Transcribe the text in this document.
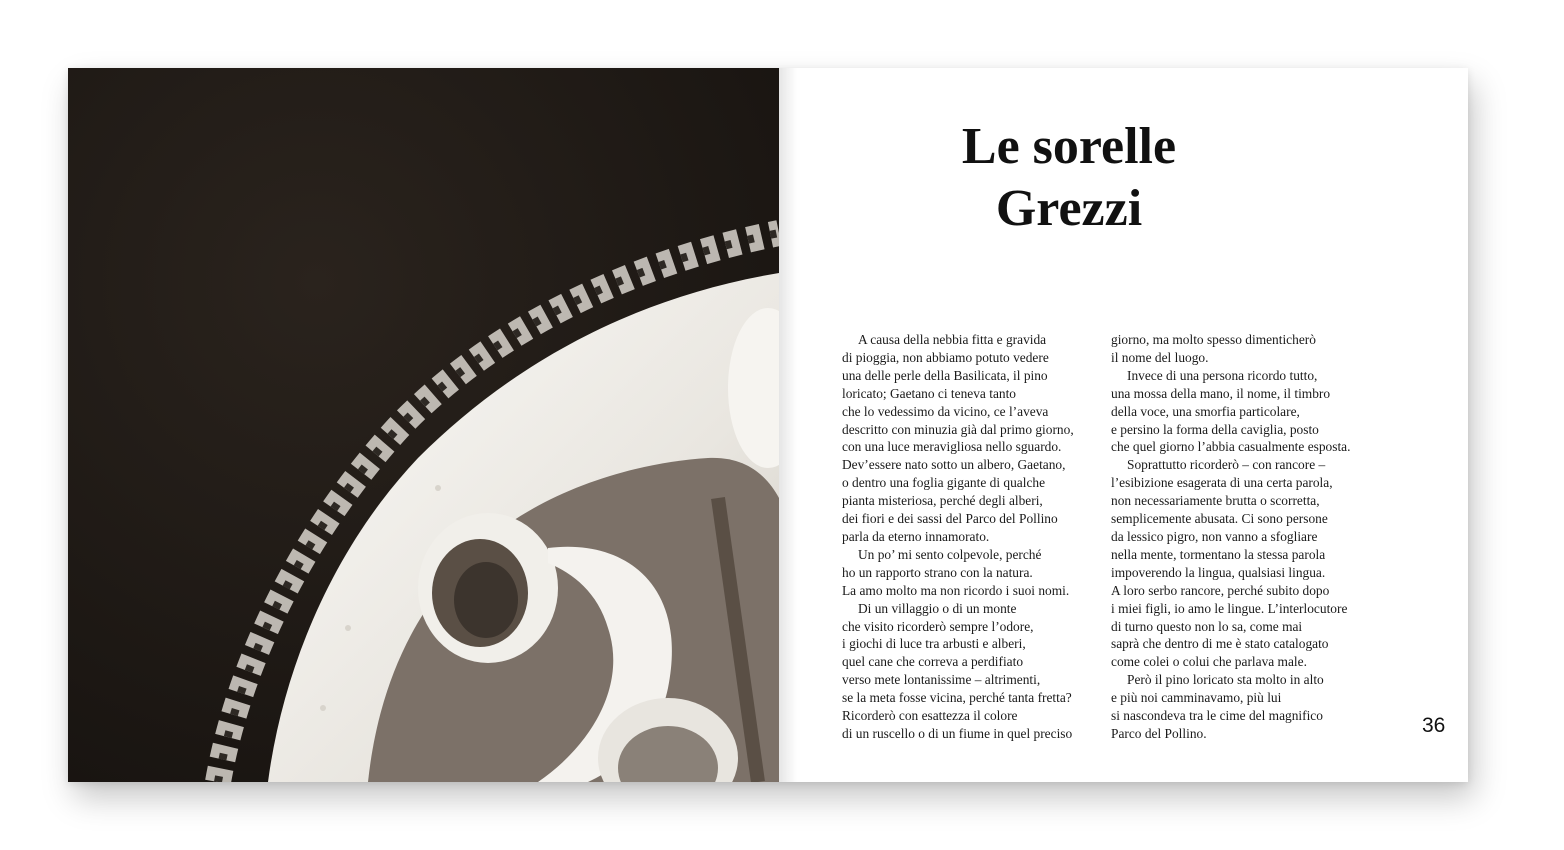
Le sorelle
Grezzi
A causa della nebbia fitta e gravida
di pioggia, non abbiamo potuto vedere
una delle perle della Basilicata, il pino
loricato; Gaetano ci teneva tanto
che lo vedessimo da vicino, ce l’aveva
descritto con minuzia già dal primo giorno,
con una luce meravigliosa nello sguardo.
Dev’essere nato sotto un albero, Gaetano,
o dentro una foglia gigante di qualche
pianta misteriosa, perché degli alberi,
dei fiori e dei sassi del Parco del Pollino
parla da eterno innamorato.
Un po’ mi sento colpevole, perché
ho un rapporto strano con la natura.
La amo molto ma non ricordo i suoi nomi.
Di un villaggio o di un monte
che visito ricorderò sempre l’odore,
i giochi di luce tra arbusti e alberi,
quel cane che correva a perdifiato
verso mete lontanissime – altrimenti,
se la meta fosse vicina, perché tanta fretta?
Ricorderò con esattezza il colore
di un ruscello o di un fiume in quel preciso
giorno, ma molto spesso dimenticherò
il nome del luogo.
Invece di una persona ricordo tutto,
una mossa della mano, il nome, il timbro
della voce, una smorfia particolare,
e persino la forma della caviglia, posto
che quel giorno l’abbia casualmente esposta.
Soprattutto ricorderò – con rancore –
l’esibizione esagerata di una certa parola,
non necessariamente brutta o scorretta,
semplicemente abusata. Ci sono persone
da lessico pigro, non vanno a sfogliare
nella mente, tormentano la stessa parola
impoverendo la lingua, qualsiasi lingua.
A loro serbo rancore, perché subito dopo
i miei figli, io amo le lingue. L’interlocutore
di turno questo non lo sa, come mai
saprà che dentro di me è stato catalogato
come colei o colui che parlava male.
Però il pino loricato sta molto in alto
e più noi camminavamo, più lui
si nascondeva tra le cime del magnifico
Parco del Pollino.	36
